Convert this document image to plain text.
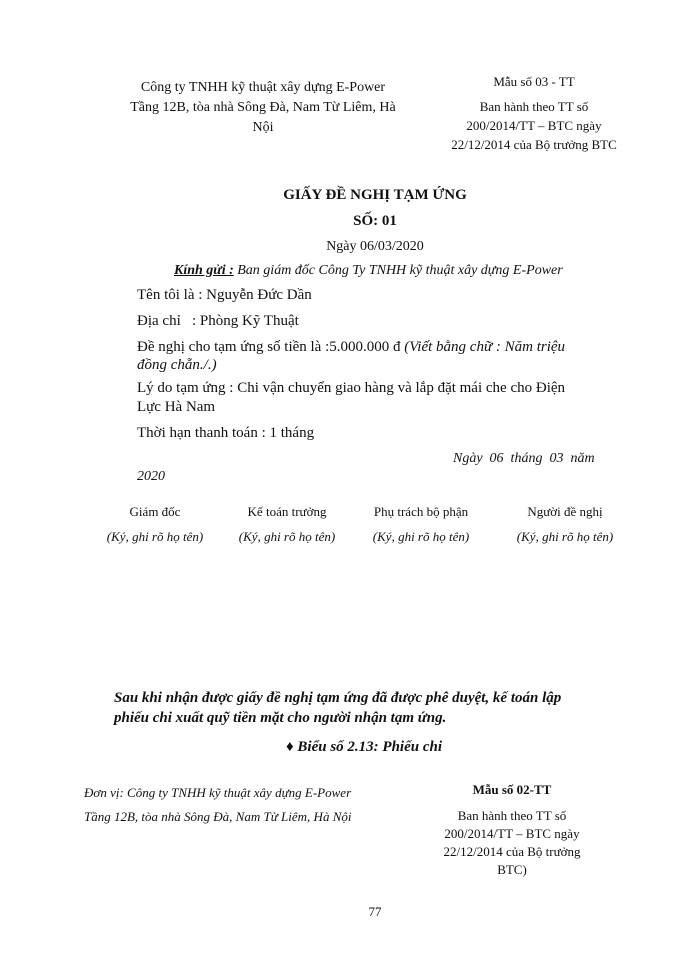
Công ty TNHH kỹ thuật xây dựng E-Power
Tầng 12B, tòa nhà Sông Đà, Nam Từ Liêm, Hà
Nội
Mẫu số 03 - TT
Ban hành theo TT số
200/2014/TT – BTC ngày
22/12/2014 của Bộ trưởng BTC
GIẤY ĐỀ NGHỊ TẠM ỨNG
SỐ: 01
Ngày 06/03/2020
Kính gửi : Ban giám đốc Công Ty TNHH kỹ thuật xây dựng E-Power
Tên tôi là : Nguyễn Đức Dần
Địa chỉ   : Phòng Kỹ Thuật
Đề nghị cho tạm ứng số tiền là :5.000.000 đ (Viết bằng chữ : Năm triệu
đồng chẵn./.)
Lý do tạm ứng : Chi vận chuyển giao hàng và lắp đặt mái che cho Điện
Lực Hà Nam
Thời hạn thanh toán : 1 tháng
Ngày  06  tháng  03  năm
2020
Giám đốc
(Ký, ghi rõ họ tên)
Kế toán trưởng
(Ký, ghi rõ họ tên)
Phụ trách bộ phận
(Ký, ghi rõ họ tên)
Người đề nghị
(Ký, ghi rõ họ tên)
Sau khi nhận được giấy đề nghị tạm ứng đã được phê duyệt, kế toán lập
phiếu chi xuất quỹ tiền mặt cho người nhận tạm ứng.
♦ Biểu số 2.13: Phiếu chi
Đơn vị: Công ty TNHH kỹ thuật xây dựng E-Power
Tầng 12B, tòa nhà Sông Đà, Nam Từ Liêm, Hà Nội
Mẫu số 02-TT
Ban hành theo TT số
200/2014/TT – BTC ngày
22/12/2014 của Bộ trưởng
BTC)
77
